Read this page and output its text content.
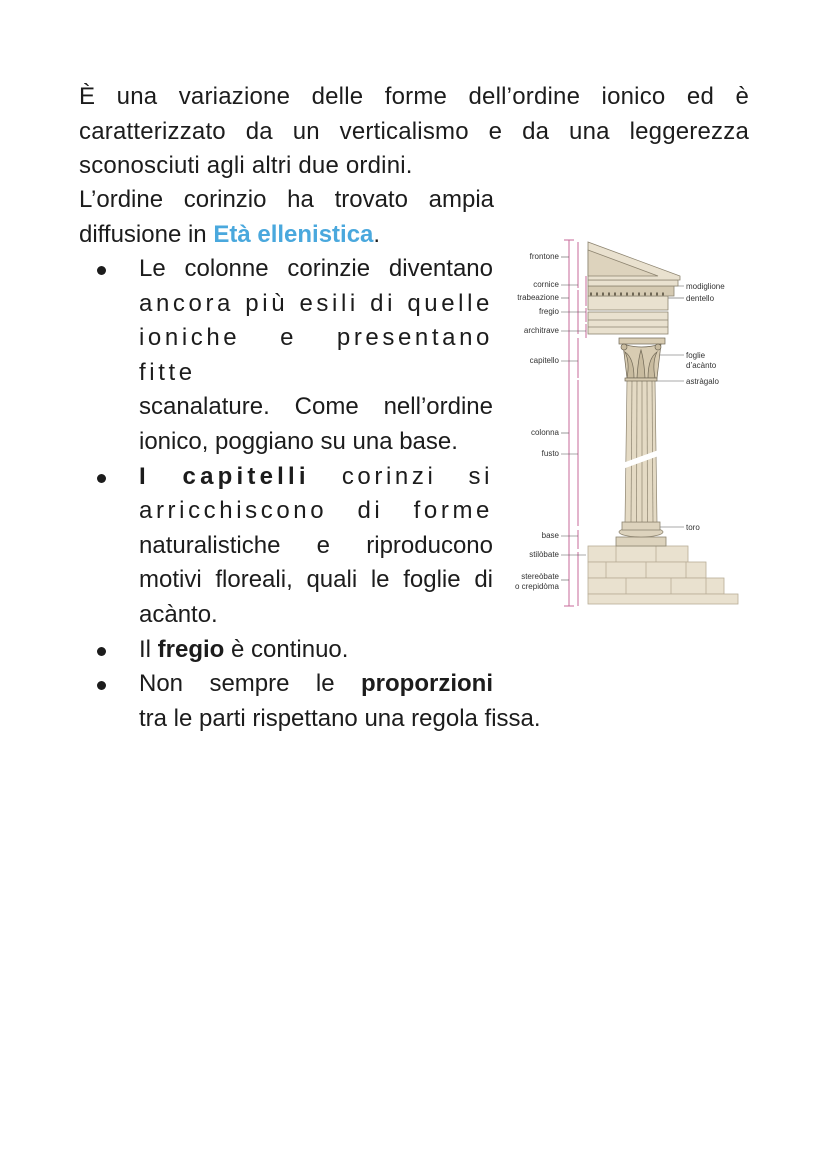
È una variazione delle forme dell’ordine ionico ed è

caratterizzato da un verticalismo e da una leggerezza

sconosciuti agli altri due ordini.

L’ordine corinzio ha trovato ampia

diffusione in Età ellenistica.

Le colonne corinzie diventano
ancora più esili di quelle
ioniche e presentano fitte
scanalature. Come nell’ordine
ionico, poggiano su una base.
I capitelli corinzi si
arricchiscono di forme
naturalistiche e riproducono
motivi floreali, quali le foglie di
acànto.
Il fregio è continuo.
Non sempre le proporzioni
tra le parti rispettano una regola fissa.
frontone
cornice
trabeazione
fregio
architrave
capitello
colonna
fusto
base
stilòbate
stereòbate
o crepidòma
modiglione
dentello
foglie
d’acànto
astràgalo
toro
